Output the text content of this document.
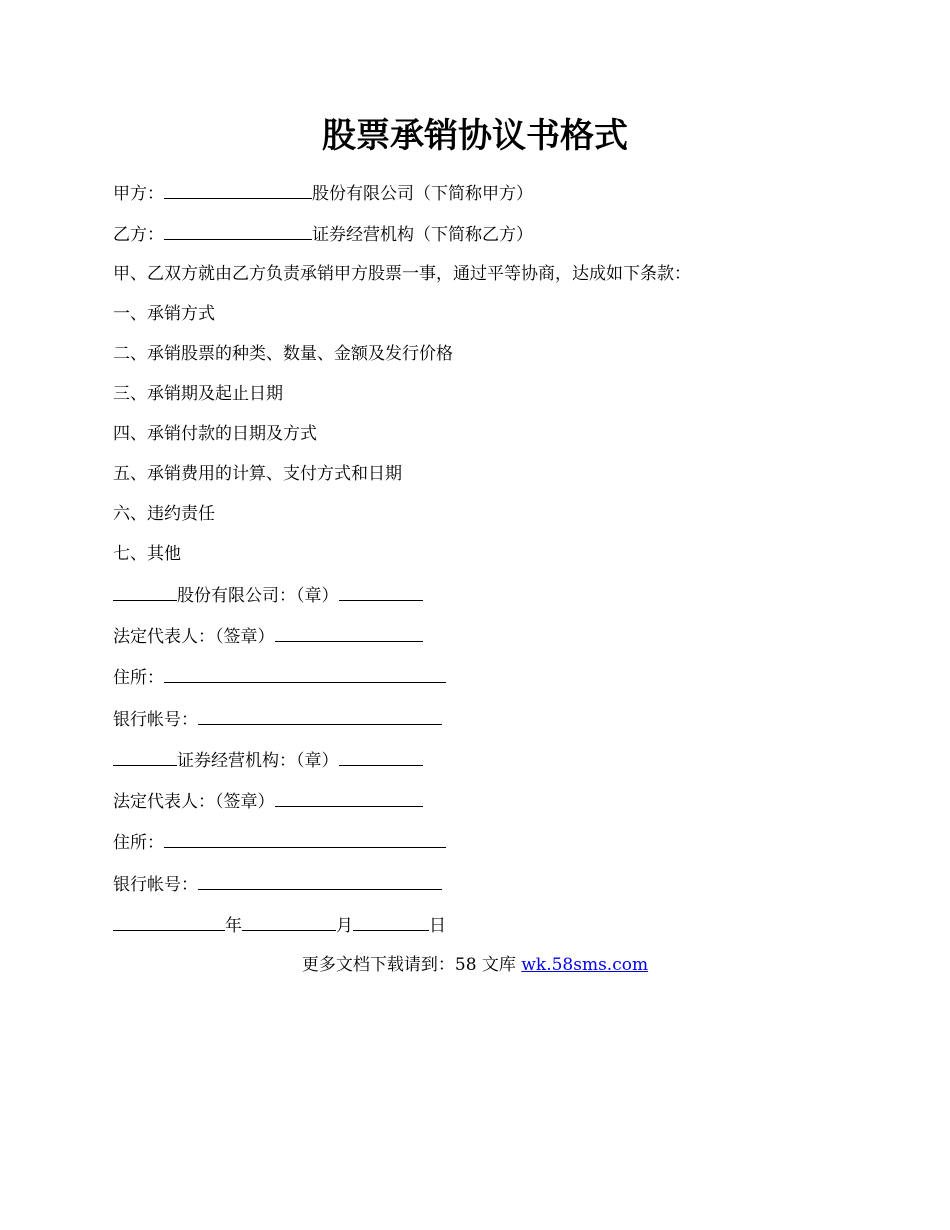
股票承销协议书格式
甲方：	股份有限公司（下简称甲方）
乙方：	证券经营机构（下简称乙方）
甲、乙双方就由乙方负责承销甲方股票一事，通过平等协商，达成如下条款：
一、承销方式
二、承销股票的种类、数量、金额及发行价格
三、承销期及起止日期
四、承销付款的日期及方式
五、承销费用的计算、支付方式和日期
六、违约责任
七、其他
股份有限公司：（章）
法定代表人：（签章）
住所：
银行帐号：
证券经营机构：（章）
法定代表人：（签章）
住所：
银行帐号：
年	月	日
更多文档下载请到：58 文库 wk.58sms.com
